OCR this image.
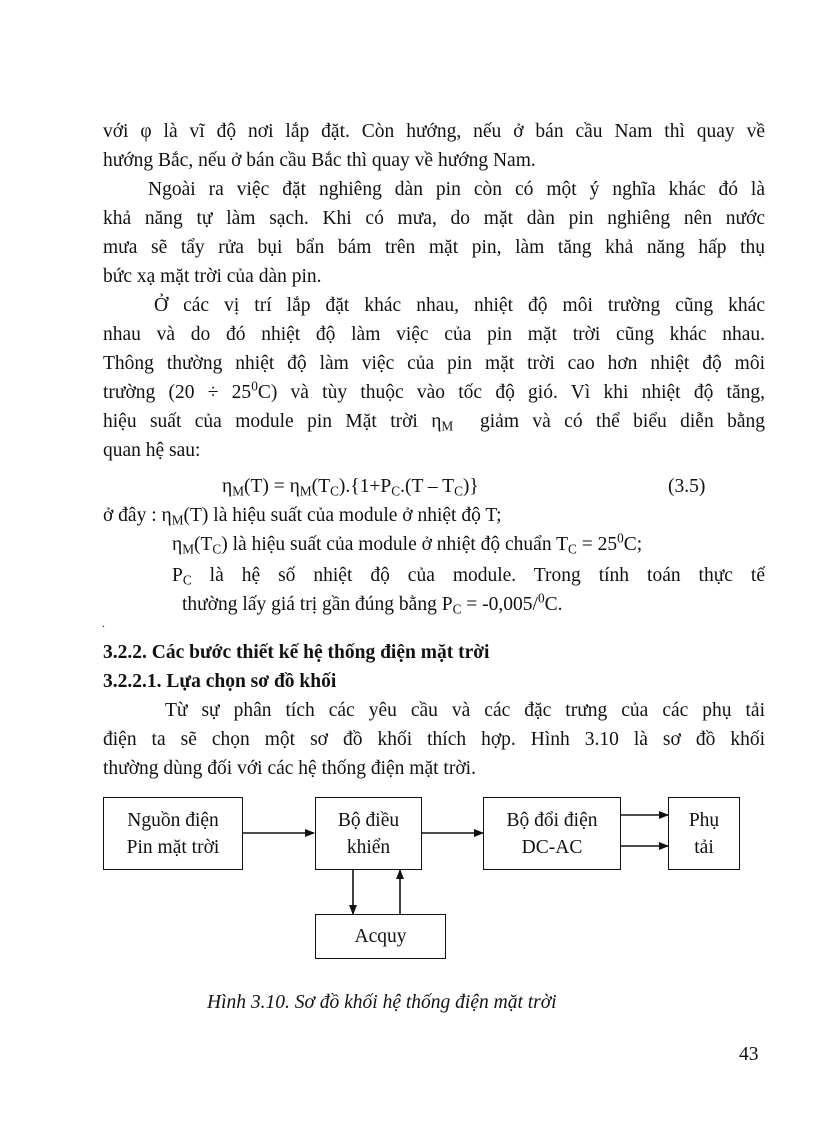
với φ là vĩ độ nơi lắp đặt. Còn hướng, nếu ở bán cầu Nam thì quay về
hướng Bắc, nếu ở bán cầu Bắc thì quay về hướng Nam.
Ngoài ra việc đặt nghiêng dàn pin còn có một ý nghĩa khác đó là
khả năng tự làm sạch. Khi có mưa, do mặt dàn pin nghiêng nên nước
mưa sẽ tẩy rửa bụi bẩn bám trên mặt pin, làm tăng khả năng hấp thụ
bức xạ mặt trời của dàn pin.
Ở các vị trí lắp đặt khác nhau, nhiệt độ môi trường cũng khác
nhau và do đó nhiệt độ làm việc của pin mặt trời cũng khác nhau.
Thông thường nhiệt độ làm việc của pin mặt trời cao hơn nhiệt độ môi
trường $(20 \div 25^0C)$ và tùy thuộc vào tốc độ gió. Vì khi nhiệt độ tăng,
hiệu suất của module pin Mặt trời $\eta_M$  giảm và có thể biểu diễn bằng
quan hệ sau:
$\eta_M(T) = \eta_M(T_C).\{1+P_C.(T - T_C)\}$	(3.5)
ở đây : $\eta_M(T)$ là hiệu suất của module ở nhiệt độ T;
$\eta_M(T_C)$ là hiệu suất của module ở nhiệt độ chuẩn $T_C = 25^0C$;
$P_C$ là hệ số nhiệt độ của module. Trong tính toán thực tế
thường lấy giá trị gần đúng bằng $P_C = -0,005/^0C$.
.
3.2.2. Các bước thiết kế hệ thống điện mặt trời
3.2.2.1. Lựa chọn sơ đồ khối
Từ sự phân tích các yêu cầu và các đặc trưng của các phụ tải
điện ta sẽ chọn một sơ đồ khối thích hợp. Hình 3.10 là sơ đồ khối
thường dùng đối với các hệ thống điện mặt trời.
Nguồn điện
Pin mặt trời
Bộ điều
khiển
Bộ đổi điện
DC-AC
Phụ
tải
Acquy
Hình 3.10. Sơ đồ khối hệ thống điện mặt trời
43
